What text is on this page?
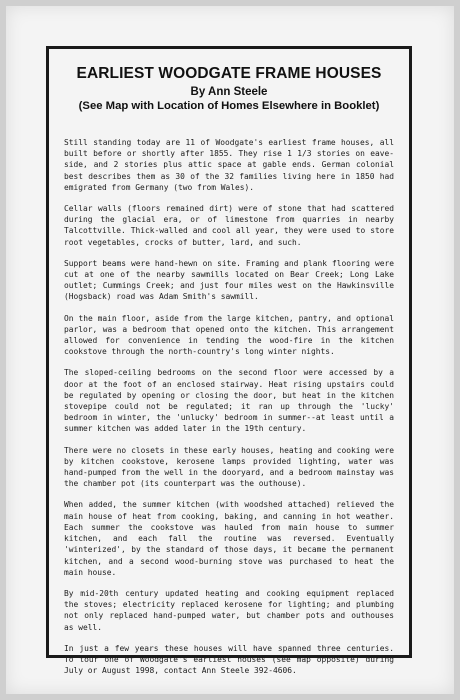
EARLIEST WOODGATE FRAME HOUSES

By Ann Steele

(See Map with Location of Homes Elsewhere in Booklet)

Still standing today are 11 of Woodgate's earliest frame houses, all built before or shortly after 1855. They rise 1 1/3 stories on eave-side, and 2 stories plus attic space at gable ends. German colonial best describes them as 30 of the 32 families living here in 1850 had emigrated from Germany (two from Wales).

Cellar walls (floors remained dirt) were of stone that had scattered during the glacial era, or of limestone from quarries in nearby Talcottville. Thick-walled and cool all year, they were used to store root vegetables, crocks of butter, lard, and such.

Support beams were hand-hewn on site. Framing and plank flooring were cut at one of the nearby sawmills located on Bear Creek; Long Lake outlet; Cummings Creek; and just four miles west on the Hawkinsville (Hogsback) road was Adam Smith's sawmill.

On the main floor, aside from the large kitchen, pantry, and optional parlor, was a bedroom that opened onto the kitchen. This arrangement allowed for convenience in tending the wood-fire in the kitchen cookstove through the north-country's long winter nights.

The sloped-ceiling bedrooms on the second floor were accessed by a door at the foot of an enclosed stairway. Heat rising upstairs could be regulated by opening or closing the door, but heat in the kitchen stovepipe could not be regulated; it ran up through the 'lucky' bedroom in winter, the 'unlucky' bedroom in summer--at least until a summer kitchen was added later in the 19th century.

There were no closets in these early houses, heating and cooking were by kitchen cookstove, kerosene lamps provided lighting, water was hand-pumped from the well in the dooryard, and a bedroom mainstay was the chamber pot (its counterpart was the outhouse).

When added, the summer kitchen (with woodshed attached) relieved the main house of heat from cooking, baking, and canning in hot weather. Each summer the cookstove was hauled from main house to summer kitchen, and each fall the routine was reversed. Eventually 'winterized', by the standard of those days, it became the permanent kitchen, and a second wood-burning stove was purchased to heat the main house.

By mid-20th century updated heating and cooking equipment replaced the stoves; electricity replaced kerosene for lighting; and plumbing not only replaced hand-pumped water, but chamber pots and outhouses as well.

In just a few years these houses will have spanned three centuries. To tour one of Woodgate's earliest houses (see map opposite) during July or August 1998, contact Ann Steele 392-4606.
